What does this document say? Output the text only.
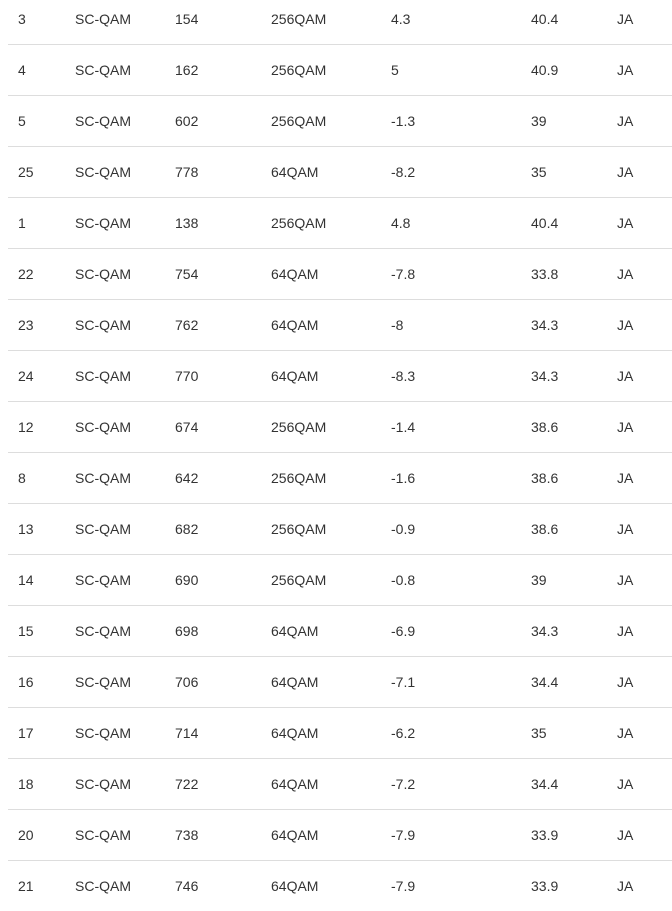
3	SC-QAM	154	256QAM	4.3	40.4	JA
4	SC-QAM	162	256QAM	5	40.9	JA
5	SC-QAM	602	256QAM	-1.3	39	JA
25	SC-QAM	778	64QAM	-8.2	35	JA
1	SC-QAM	138	256QAM	4.8	40.4	JA
22	SC-QAM	754	64QAM	-7.8	33.8	JA
23	SC-QAM	762	64QAM	-8	34.3	JA
24	SC-QAM	770	64QAM	-8.3	34.3	JA
12	SC-QAM	674	256QAM	-1.4	38.6	JA
8	SC-QAM	642	256QAM	-1.6	38.6	JA
13	SC-QAM	682	256QAM	-0.9	38.6	JA
14	SC-QAM	690	256QAM	-0.8	39	JA
15	SC-QAM	698	64QAM	-6.9	34.3	JA
16	SC-QAM	706	64QAM	-7.1	34.4	JA
17	SC-QAM	714	64QAM	-6.2	35	JA
18	SC-QAM	722	64QAM	-7.2	34.4	JA
20	SC-QAM	738	64QAM	-7.9	33.9	JA
21	SC-QAM	746	64QAM	-7.9	33.9	JA
